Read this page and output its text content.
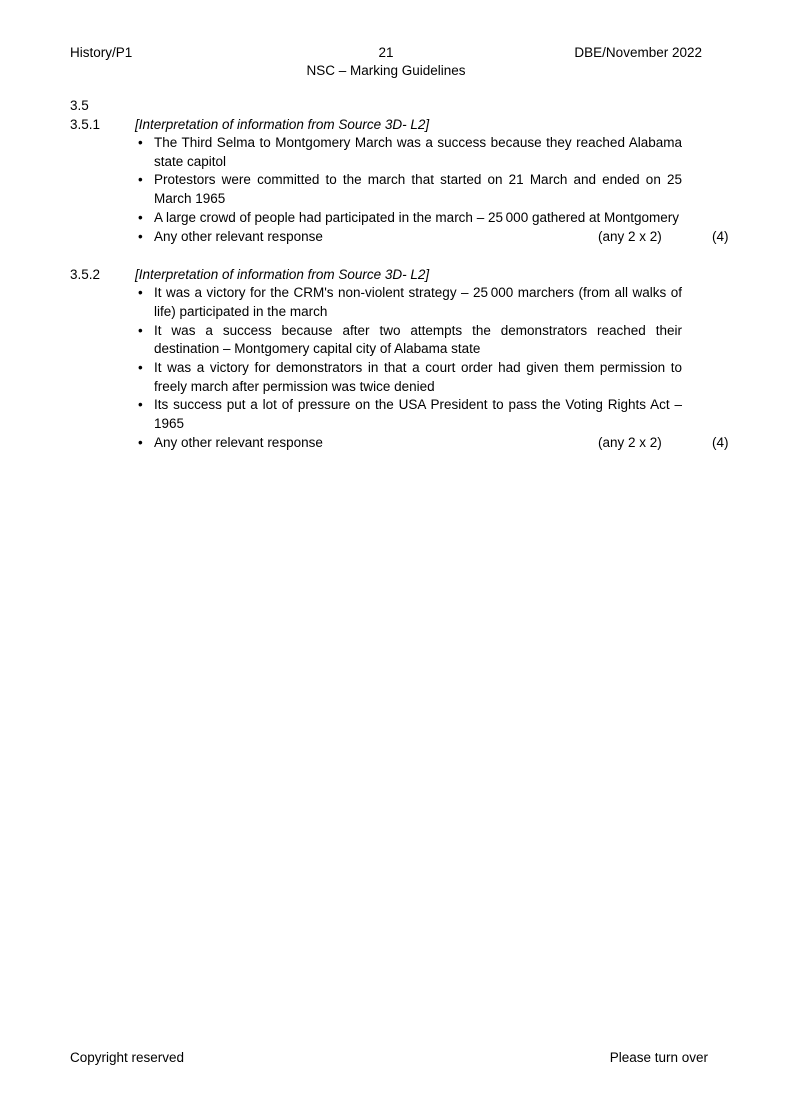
History/P1	21	DBE/November 2022
NSC – Marking Guidelines
3.5
3.5.1	[Interpretation of information from Source 3D- L2]
• The Third Selma to Montgomery March was a success because they reached Alabama state capitol
• Protestors were committed to the march that started on 21 March and ended on 25 March 1965
• A large crowd of people had participated in the march – 25 000 gathered at Montgomery
• Any other relevant response	(any 2 x 2)	(4)
3.5.2	[Interpretation of information from Source 3D- L2]
• It was a victory for the CRM's non-violent strategy – 25 000 marchers (from all walks of life) participated in the march
• It was a success because after two attempts the demonstrators reached their destination – Montgomery capital city of Alabama state
• It was a victory for demonstrators in that a court order had given them permission to freely march after permission was twice denied
• Its success put a lot of pressure on the USA President to pass the Voting Rights Act – 1965
• Any other relevant response	(any 2 x 2)	(4)
Copyright reserved	Please turn over
